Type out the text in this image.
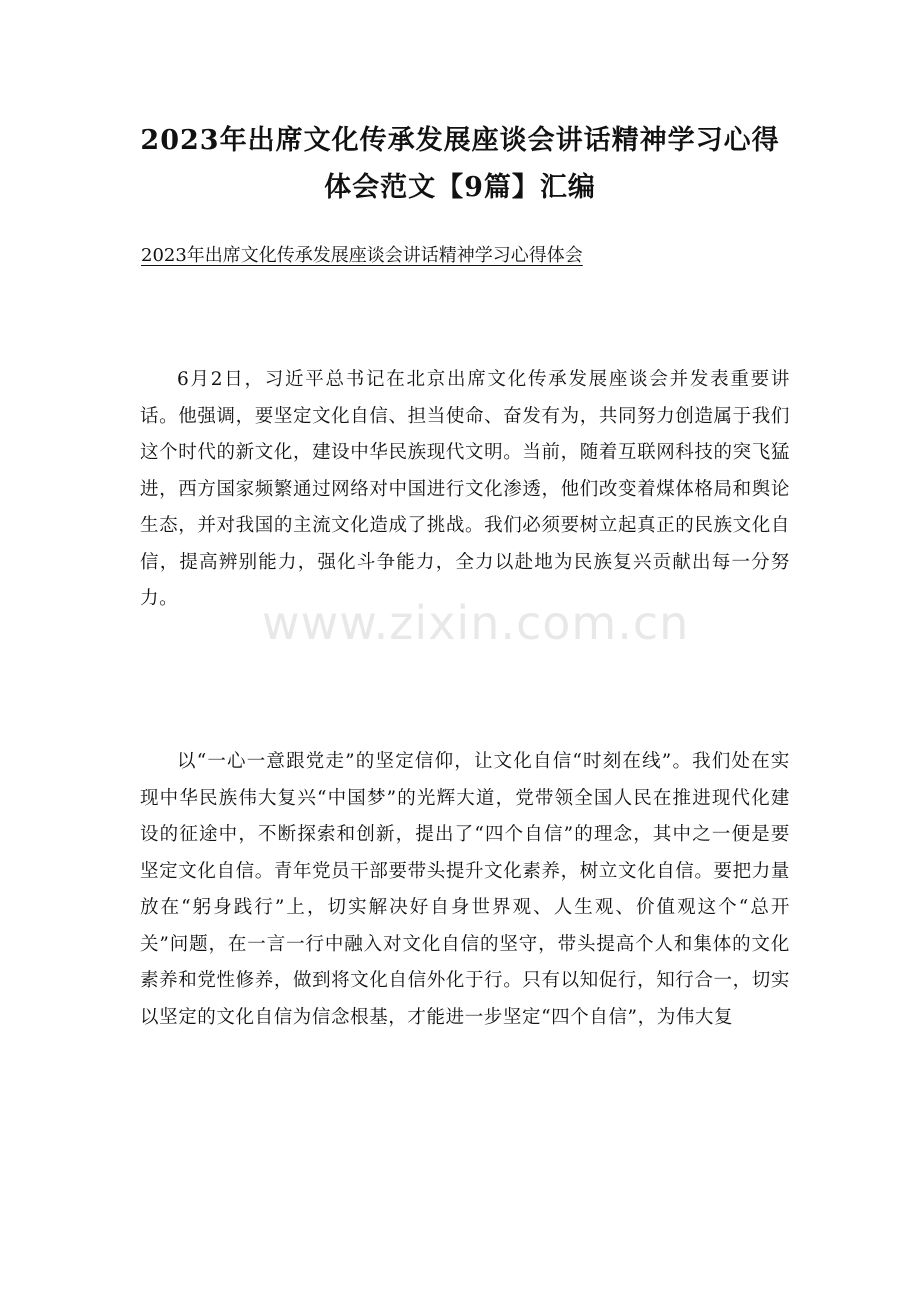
2023年出席文化传承发展座谈会讲话精神学习心得
体会范文【9篇】汇编
2023年出席文化传承发展座谈会讲话精神学习心得体会
6月2日，习近平总书记在北京出席文化传承发展座谈会并发表重要讲话。他强调，要坚定文化自信、担当使命、奋发有为，共同努力创造属于我们这个时代的新文化，建设中华民族现代文明。当前，随着互联网科技的突飞猛进，西方国家频繁通过网络对中国进行文化渗透，他们改变着煤体格局和舆论生态，并对我国的主流文化造成了挑战。我们必须要树立起真正的民族文化自信，提高辨别能力，强化斗争能力，全力以赴地为民族复兴贡献出每一分努力。
以“一心一意跟党走”的坚定信仰，让文化自信“时刻在线”。我们处在实现中华民族伟大复兴“中国梦”的光辉大道，党带领全国人民在推进现代化建设的征途中，不断探索和创新，提出了“四个自信”的理念，其中之一便是要坚定文化自信。青年党员干部要带头提升文化素养，树立文化自信。要把力量放在“躬身践行”上，切实解决好自身世界观、人生观、价值观这个“总开关”问题，在一言一行中融入对文化自信的坚守，带头提高个人和集体的文化素养和党性修养，做到将文化自信外化于行。只有以知促行，知行合一，切实以坚定的文化自信为信念根基，才能进一步坚定“四个自信”，为伟大复
www.zixin.com.cn
